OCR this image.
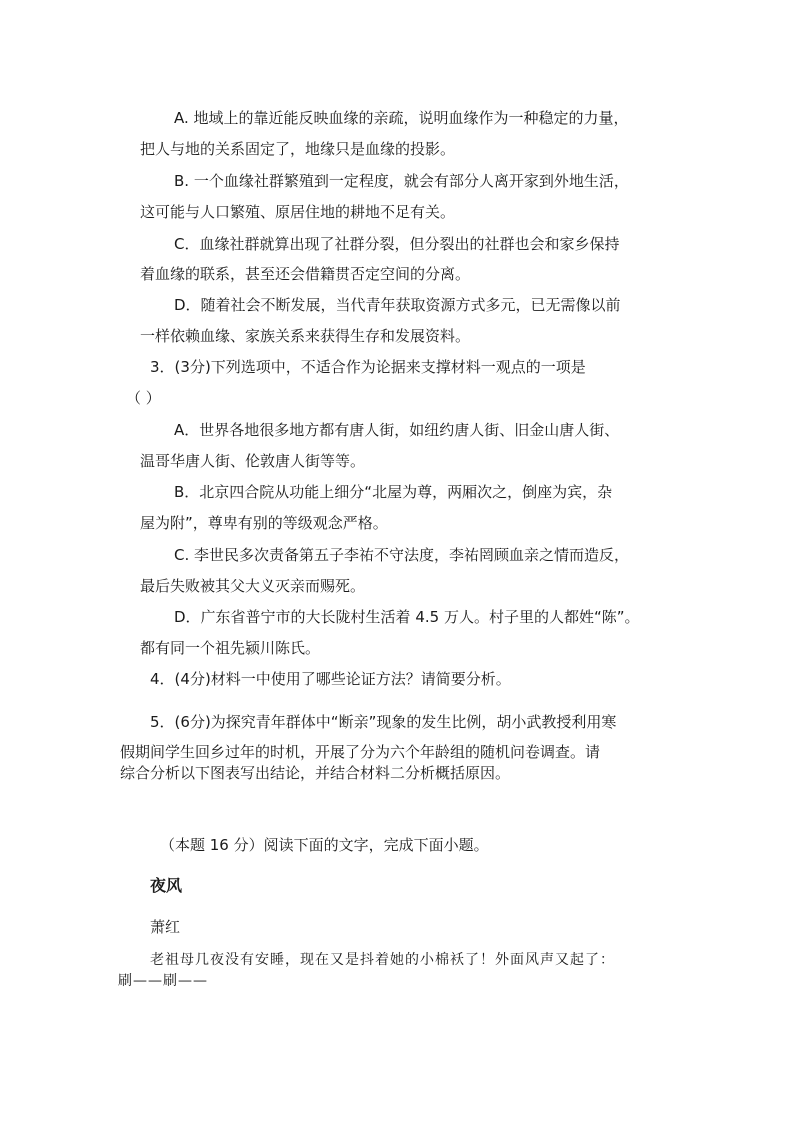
A. 地域上的靠近能反映血缘的亲疏，说明血缘作为一种稳定的力量，
把人与地的关系固定了，地缘只是血缘的投影。
B. 一个血缘社群繁殖到一定程度，就会有部分人离开家到外地生活，
这可能与人口繁殖、原居住地的耕地不足有关。
C．血缘社群就算出现了社群分裂，但分裂出的社群也会和家乡保持
着血缘的联系，甚至还会借籍贯否定空间的分离。
D．随着社会不断发展，当代青年获取资源方式多元，已无需像以前
一样依赖血缘、家族关系来获得生存和发展资料。
3．(3分)下列选项中，不适合作为论据来支撑材料一观点的一项是
（ ）
A．世界各地很多地方都有唐人街，如纽约唐人街、旧金山唐人街、
温哥华唐人街、伦敦唐人街等等。
B．北京四合院从功能上细分“北屋为尊，两厢次之，倒座为宾，杂
屋为附”，尊卑有别的等级观念严格。
C. 李世民多次责备第五子李祐不守法度，李祐罔顾血亲之情而造反，
最后失败被其父大义灭亲而赐死。
D．广东省普宁市的大长陇村生活着 4.5 万人。村子里的人都姓“陈”。
都有同一个祖先颍川陈氏。
4．(4分)材料一中使用了哪些论证方法？请简要分析。
5．(6分)为探究青年群体中“断亲”现象的发生比例，胡小武教授利用寒
假期间学生回乡过年的时机，开展了分为六个年龄组的随机问卷调查。请
综合分析以下图表写出结论，并结合材料二分析概括原因。
（本题 16 分）阅读下面的文字，完成下面小题。
夜风
萧红
老祖母几夜没有安睡，现在又是抖着她的小棉袄了！外面风声又起了：
刷——刷——
